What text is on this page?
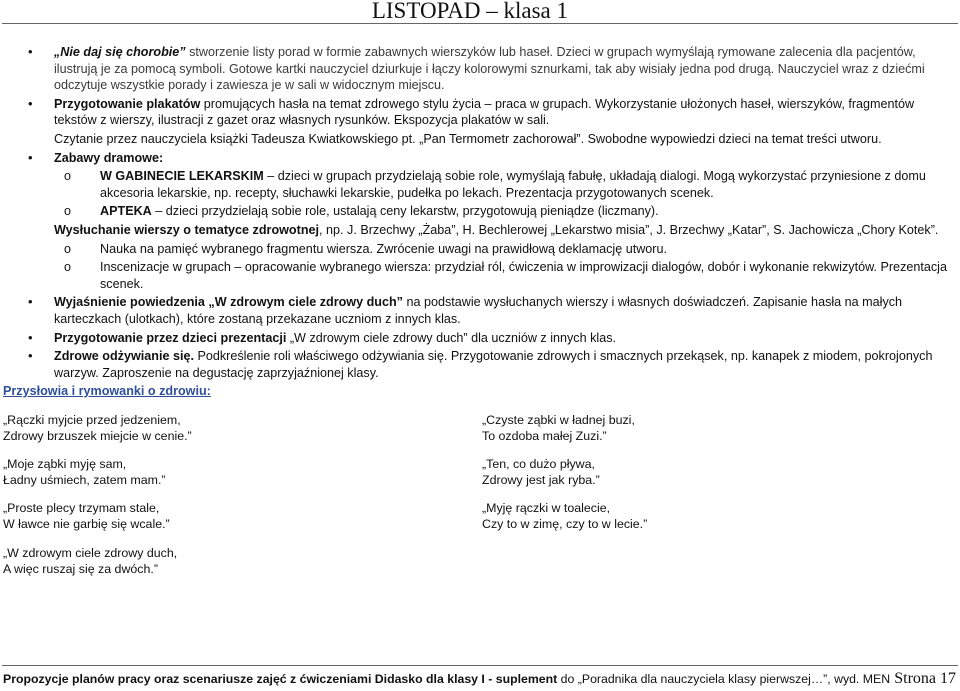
LISTOPAD – klasa 1
• „Nie daj się chorobie” stworzenie listy porad w formie zabawnych wierszyków lub haseł. Dzieci w grupach wymyślają rymowane zalecenia dla pacjentów, ilustrują je za pomocą symboli. Gotowe kartki nauczyciel dziurkuje i łączy kolorowymi sznurkami, tak aby wisiały jedna pod drugą. Nauczyciel wraz z dziećmi odczytuje wszystkie porady i zawiesza je w sali w widocznym miejscu.
• Przygotowanie plakatów promujących hasła na temat zdrowego stylu życia – praca w grupach. Wykorzystanie ułożonych haseł, wierszyków, fragmentów tekstów z wierszy, ilustracji z gazet oraz własnych rysunków. Ekspozycja plakatów w sali.
Czytanie przez nauczyciela książki Tadeusza Kwiatkowskiego pt. „Pan Termometr zachorował”. Swobodne wypowiedzi dzieci na temat treści utworu.
• Zabawy dramowe:
o W GABINECIE LEKARSKIM – dzieci w grupach przydzielają sobie role, wymyślają fabułę, układają dialogi. Mogą wykorzystać przyniesione z domu akcesoria lekarskie, np. recepty, słuchawki lekarskie, pudełka po lekach. Prezentacja przygotowanych scenek.
o APTEKA – dzieci przydzielają sobie role, ustalają ceny lekarstw, przygotowują pieniądze (liczmany).
Wysłuchanie wierszy o tematyce zdrowotnej, np. J. Brzechwy „Żaba”, H. Bechlerowej „Lekarstwo misia”, J. Brzechwy „Katar”, S. Jachowicza „Chory Kotek”.
o Nauka na pamięć wybranego fragmentu wiersza. Zwrócenie uwagi na prawidłową deklamację utworu.
o Inscenizacje w grupach – opracowanie wybranego wiersza: przydział ról, ćwiczenia w improwizacji dialogów, dobór i wykonanie rekwizytów. Prezentacja scenek.
• Wyjaśnienie powiedzenia „W zdrowym ciele zdrowy duch” na podstawie wysłuchanych wierszy i własnych doświadczeń. Zapisanie hasła na małych karteczkach (ulotkach), które zostaną przekazane uczniom z innych klas.
• Przygotowanie przez dzieci prezentacji „W zdrowym ciele zdrowy duch” dla uczniów z innych klas.
• Zdrowe odżywianie się. Podkreślenie roli właściwego odżywiania się. Przygotowanie zdrowych i smacznych przekąsek, np. kanapek z miodem, pokrojonych warzyw. Zaproszenie na degustację zaprzyjaźnionej klasy.
Przysłowia i rymowanki o zdrowiu:
„Rączki myjcie przed jedzeniem,
Zdrowy brzuszek miejcie w cenie.”
„Moje ząbki myję sam,
Ładny uśmiech, zatem mam.”
„Proste plecy trzymam stale,
W ławce nie garbię się wcale.”
„W zdrowym ciele zdrowy duch,
A więc ruszaj się za dwóch.”
„Czyste ząbki w ładnej buzi,
To ozdoba małej Zuzi.”
„Ten, co dużo pływa,
Zdrowy jest jak ryba.”
„Myję rączki w toalecie,
Czy to w zimę, czy to w lecie.”
Propozycje planów pracy oraz scenariusze zajęć z ćwiczeniami Didasko dla klasy I - suplement do „Poradnika dla nauczyciela klasy pierwszej…”, wyd. MEN Strona 17
